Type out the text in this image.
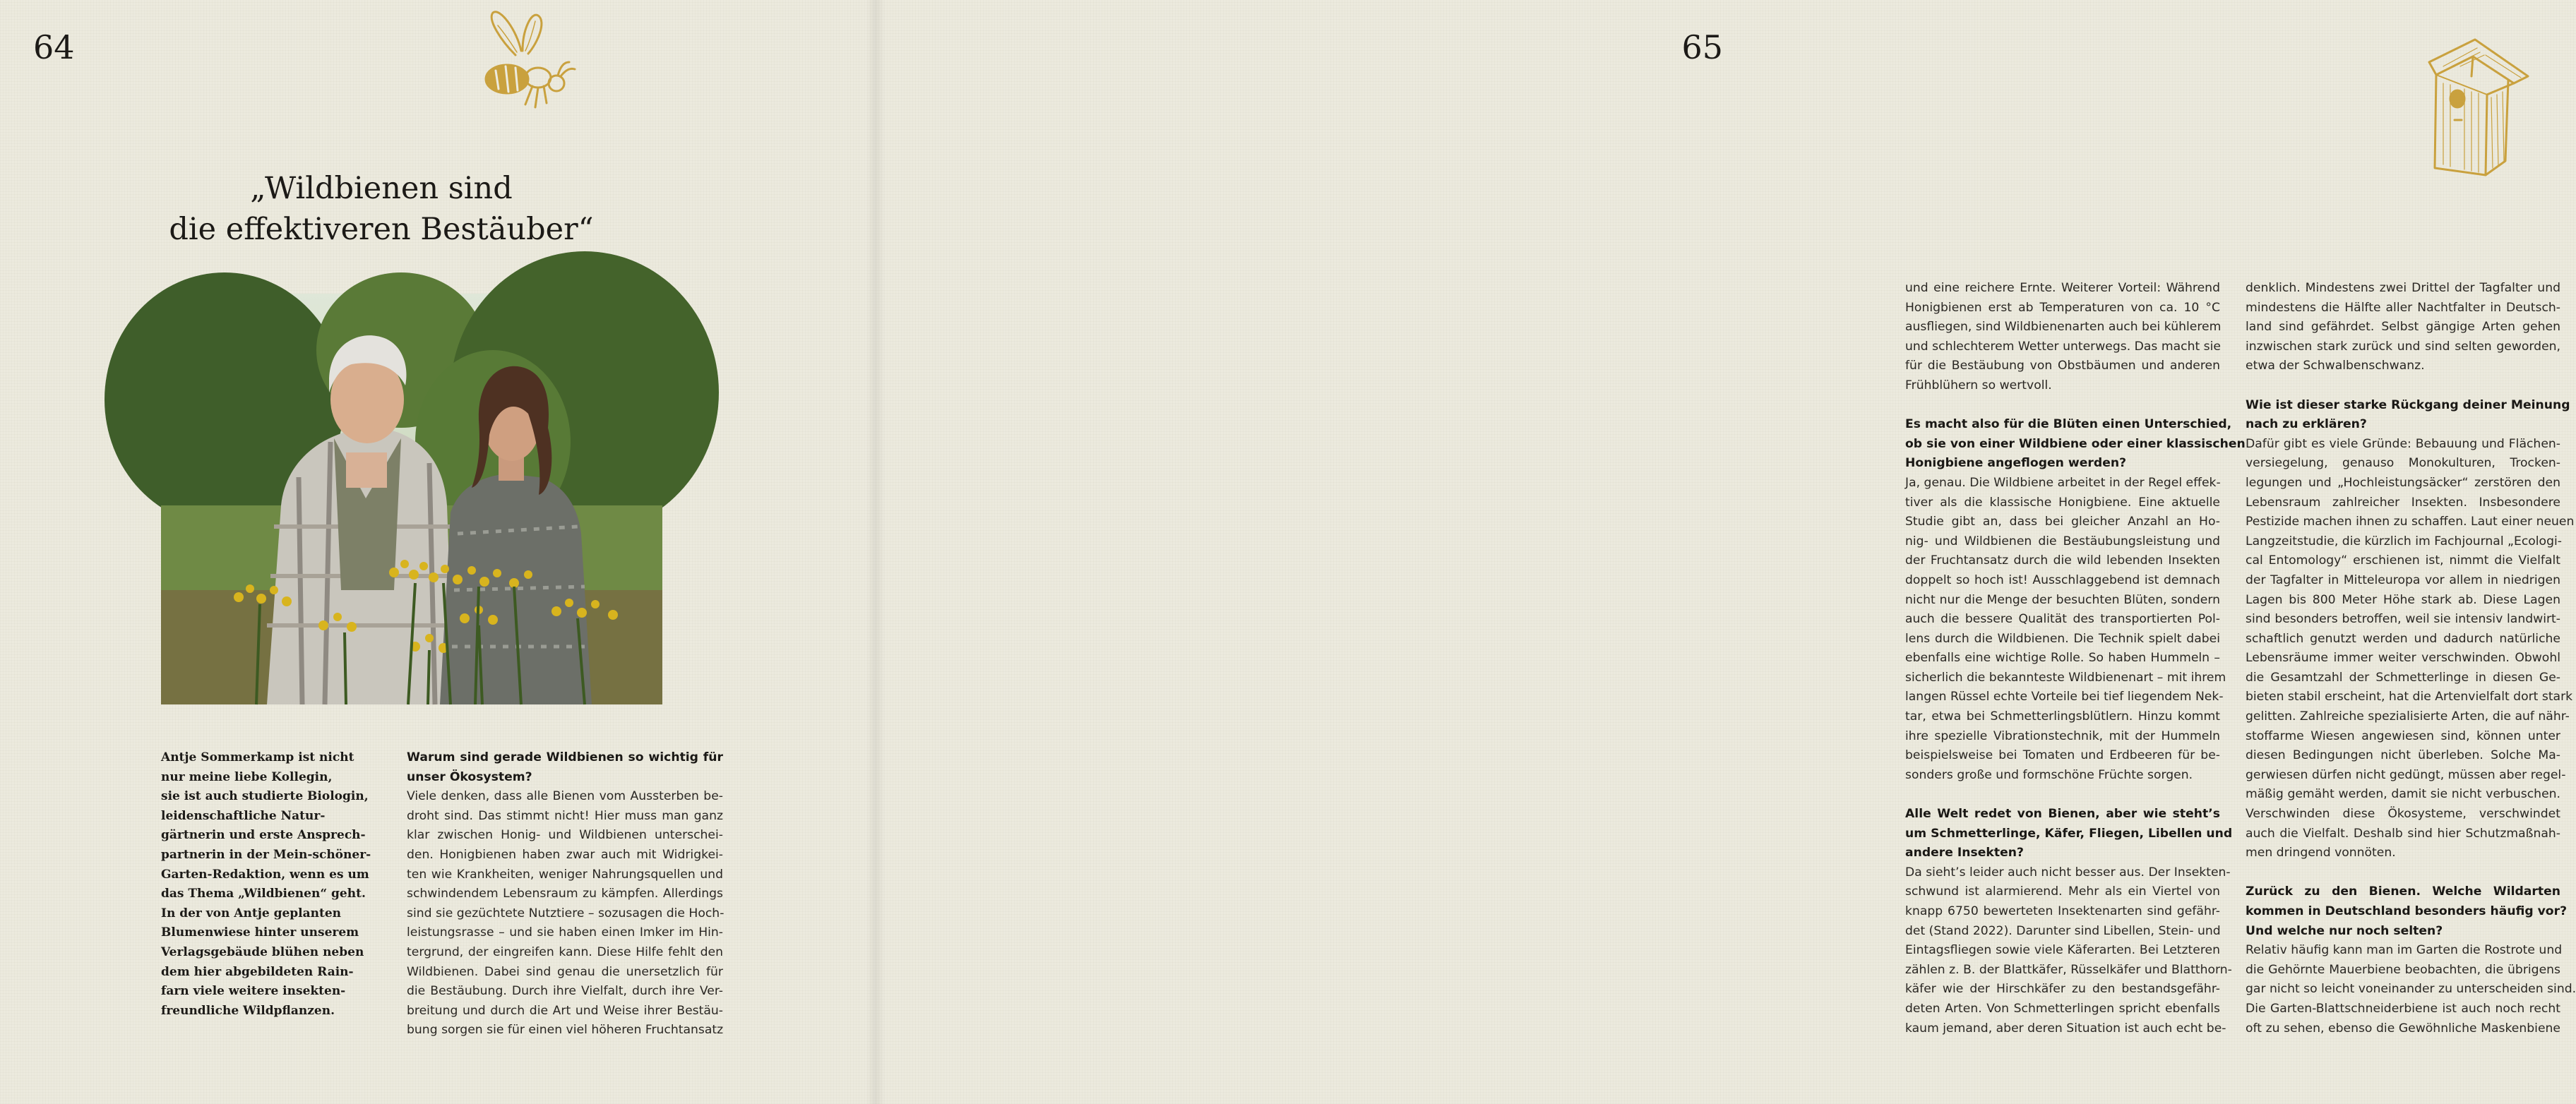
64
„Wildbienen sind
die effektiveren Bestäuber“
Antje Sommerkamp ist nicht
nur meine liebe Kollegin,
sie ist auch studierte Biologin,
leidenschaftliche Natur-
gärtnerin und erste Ansprech-
partnerin in der Mein-schöner-
Garten-Redaktion, wenn es um
das Thema „Wildbienen“ geht.
In der von Antje geplanten
Blumenwiese hinter unserem
Verlagsgebäude blühen neben
dem hier abgebildeten Rain-
farn viele weitere insekten-
freundliche Wildpflanzen.
Warum sind gerade Wildbienen so wichtig für
unser Ökosystem?
Viele denken, dass alle Bienen vom Aussterben be-
droht sind. Das stimmt nicht! Hier muss man ganz
klar zwischen Honig- und Wildbienen unterschei-
den. Honigbienen haben zwar auch mit Widrigkei-
ten wie Krankheiten, weniger Nahrungsquellen und
schwindendem Lebensraum zu kämpfen. Allerdings
sind sie gezüchtete Nutztiere – sozusagen die Hoch-
leistungsrasse – und sie haben einen Imker im Hin-
tergrund, der eingreifen kann. Diese Hilfe fehlt den
Wildbienen. Dabei sind genau die unersetzlich für
die Bestäubung. Durch ihre Vielfalt, durch ihre Ver-
breitung und durch die Art und Weise ihrer Bestäu-
bung sorgen sie für einen viel höheren Fruchtansatz
65
und eine reichere Ernte. Weiterer Vorteil: Während
Honigbienen erst ab Temperaturen von ca. 10 °C
ausfliegen, sind Wildbienenarten auch bei kühlerem
und schlechterem Wetter unterwegs. Das macht sie
für die Bestäubung von Obstbäumen und anderen
Frühblühern so wertvoll.
Es macht also für die Blüten einen Unterschied,
ob sie von einer Wildbiene oder einer klassischen
Honigbiene angeflogen werden?
Ja, genau. Die Wildbiene arbeitet in der Regel effek-
tiver als die klassische Honigbiene. Eine aktuelle
Studie gibt an, dass bei gleicher Anzahl an Ho-
nig- und Wildbienen die Bestäubungsleistung und
der Fruchtansatz durch die wild lebenden Insekten
doppelt so hoch ist! Ausschlaggebend ist demnach
nicht nur die Menge der besuchten Blüten, sondern
auch die bessere Qualität des transportierten Pol-
lens durch die Wildbienen. Die Technik spielt dabei
ebenfalls eine wichtige Rolle. So haben Hummeln –
sicherlich die bekannteste Wildbienenart – mit ihrem
langen Rüssel echte Vorteile bei tief liegendem Nek-
tar, etwa bei Schmetterlingsblütlern. Hinzu kommt
ihre spezielle Vibrationstechnik, mit der Hummeln
beispielsweise bei Tomaten und Erdbeeren für be-
sonders große und formschöne Früchte sorgen.
Alle Welt redet von Bienen, aber wie steht’s
um Schmetterlinge, Käfer, Fliegen, Libellen und
andere Insekten?
Da sieht’s leider auch nicht besser aus. Der Insekten-
schwund ist alarmierend. Mehr als ein Viertel von
knapp 6750 bewerteten Insektenarten sind gefähr-
det (Stand 2022). Darunter sind Libellen, Stein- und
Eintagsfliegen sowie viele Käferarten. Bei Letzteren
zählen z. B. der Blattkäfer, Rüsselkäfer und Blatthorn-
käfer wie der Hirschkäfer zu den bestandsgefähr-
deten Arten. Von Schmetterlingen spricht ebenfalls
kaum jemand, aber deren Situation ist auch echt be-
denklich. Mindestens zwei Drittel der Tagfalter und
mindestens die Hälfte aller Nachtfalter in Deutsch-
land sind gefährdet. Selbst gängige Arten gehen
inzwischen stark zurück und sind selten geworden,
etwa der Schwalbenschwanz.
Wie ist dieser starke Rückgang deiner Meinung
nach zu erklären?
Dafür gibt es viele Gründe: Bebauung und Flächen-
versiegelung, genauso Monokulturen, Trocken-
legungen und „Hochleistungsäcker“ zerstören den
Lebensraum zahlreicher Insekten. Insbesondere
Pestizide machen ihnen zu schaffen. Laut einer neuen
Langzeitstudie, die kürzlich im Fachjournal „Ecologi-
cal Entomology“ erschienen ist, nimmt die Vielfalt
der Tagfalter in Mitteleuropa vor allem in niedrigen
Lagen bis 800 Meter Höhe stark ab. Diese Lagen
sind besonders betroffen, weil sie intensiv landwirt-
schaftlich genutzt werden und dadurch natürliche
Lebensräume immer weiter verschwinden. Obwohl
die Gesamtzahl der Schmetterlinge in diesen Ge-
bieten stabil erscheint, hat die Artenvielfalt dort stark
gelitten. Zahlreiche spezialisierte Arten, die auf nähr-
stoffarme Wiesen angewiesen sind, können unter
diesen Bedingungen nicht überleben. Solche Ma-
gerwiesen dürfen nicht gedüngt, müssen aber regel-
mäßig gemäht werden, damit sie nicht verbuschen.
Verschwinden diese Ökosysteme, verschwindet
auch die Vielfalt. Deshalb sind hier Schutzmaßnah-
men dringend vonnöten.
Zurück zu den Bienen. Welche Wildarten
kommen in Deutschland besonders häufig vor?
Und welche nur noch selten?
Relativ häufig kann man im Garten die Rostrote und
die Gehörnte Mauerbiene beobachten, die übrigens
gar nicht so leicht voneinander zu unterscheiden sind.
Die Garten-Blattschneiderbiene ist auch noch recht
oft zu sehen, ebenso die Gewöhnliche Maskenbiene
